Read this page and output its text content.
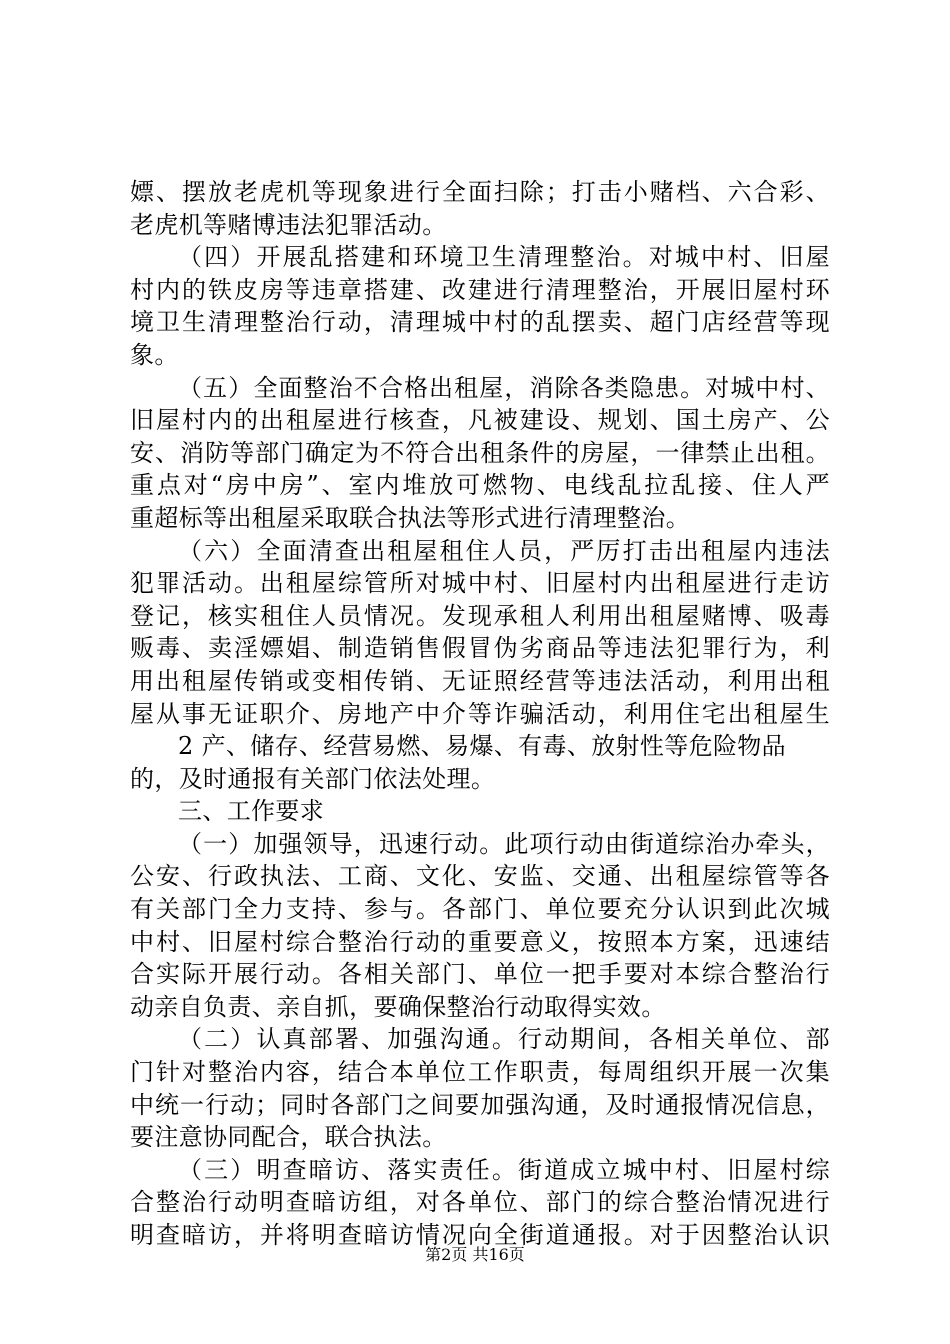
嫖、摆放老虎机等现象进行全面扫除；打击小赌档、六合彩、
老虎机等赌博违法犯罪活动。
（四）开展乱搭建和环境卫生清理整治。对城中村、旧屋
村内的铁皮房等违章搭建、改建进行清理整治，开展旧屋村环
境卫生清理整治行动，清理城中村的乱摆卖、超门店经营等现
象。
（五）全面整治不合格出租屋，消除各类隐患。对城中村、
旧屋村内的出租屋进行核查，凡被建设、规划、国土房产、公
安、消防等部门确定为不符合出租条件的房屋，一律禁止出租。
重点对“房中房”、室内堆放可燃物、电线乱拉乱接、住人严
重超标等出租屋采取联合执法等形式进行清理整治。
（六）全面清查出租屋租住人员，严厉打击出租屋内违法
犯罪活动。出租屋综管所对城中村、旧屋村内出租屋进行走访
登记，核实租住人员情况。发现承租人利用出租屋赌博、吸毒
贩毒、卖淫嫖娼、制造销售假冒伪劣商品等违法犯罪行为，利
用出租屋传销或变相传销、无证照经营等违法活动，利用出租
屋从事无证职介、房地产中介等诈骗活动，利用住宅出租屋生
2 产、储存、经营易燃、易爆、有毒、放射性等危险物品
的，及时通报有关部门依法处理。
三、工作要求
（一）加强领导，迅速行动。此项行动由街道综治办牵头，
公安、行政执法、工商、文化、安监、交通、出租屋综管等各
有关部门全力支持、参与。各部门、单位要充分认识到此次城
中村、旧屋村综合整治行动的重要意义，按照本方案，迅速结
合实际开展行动。各相关部门、单位一把手要对本综合整治行
动亲自负责、亲自抓，要确保整治行动取得实效。
（二）认真部署、加强沟通。行动期间，各相关单位、部
门针对整治内容，结合本单位工作职责，每周组织开展一次集
中统一行动；同时各部门之间要加强沟通，及时通报情况信息，
要注意协同配合，联合执法。
（三）明查暗访、落实责任。街道成立城中村、旧屋村综
合整治行动明查暗访组，对各单位、部门的综合整治情况进行
明查暗访，并将明查暗访情况向全街道通报。对于因整治认识
第2页 共16页
